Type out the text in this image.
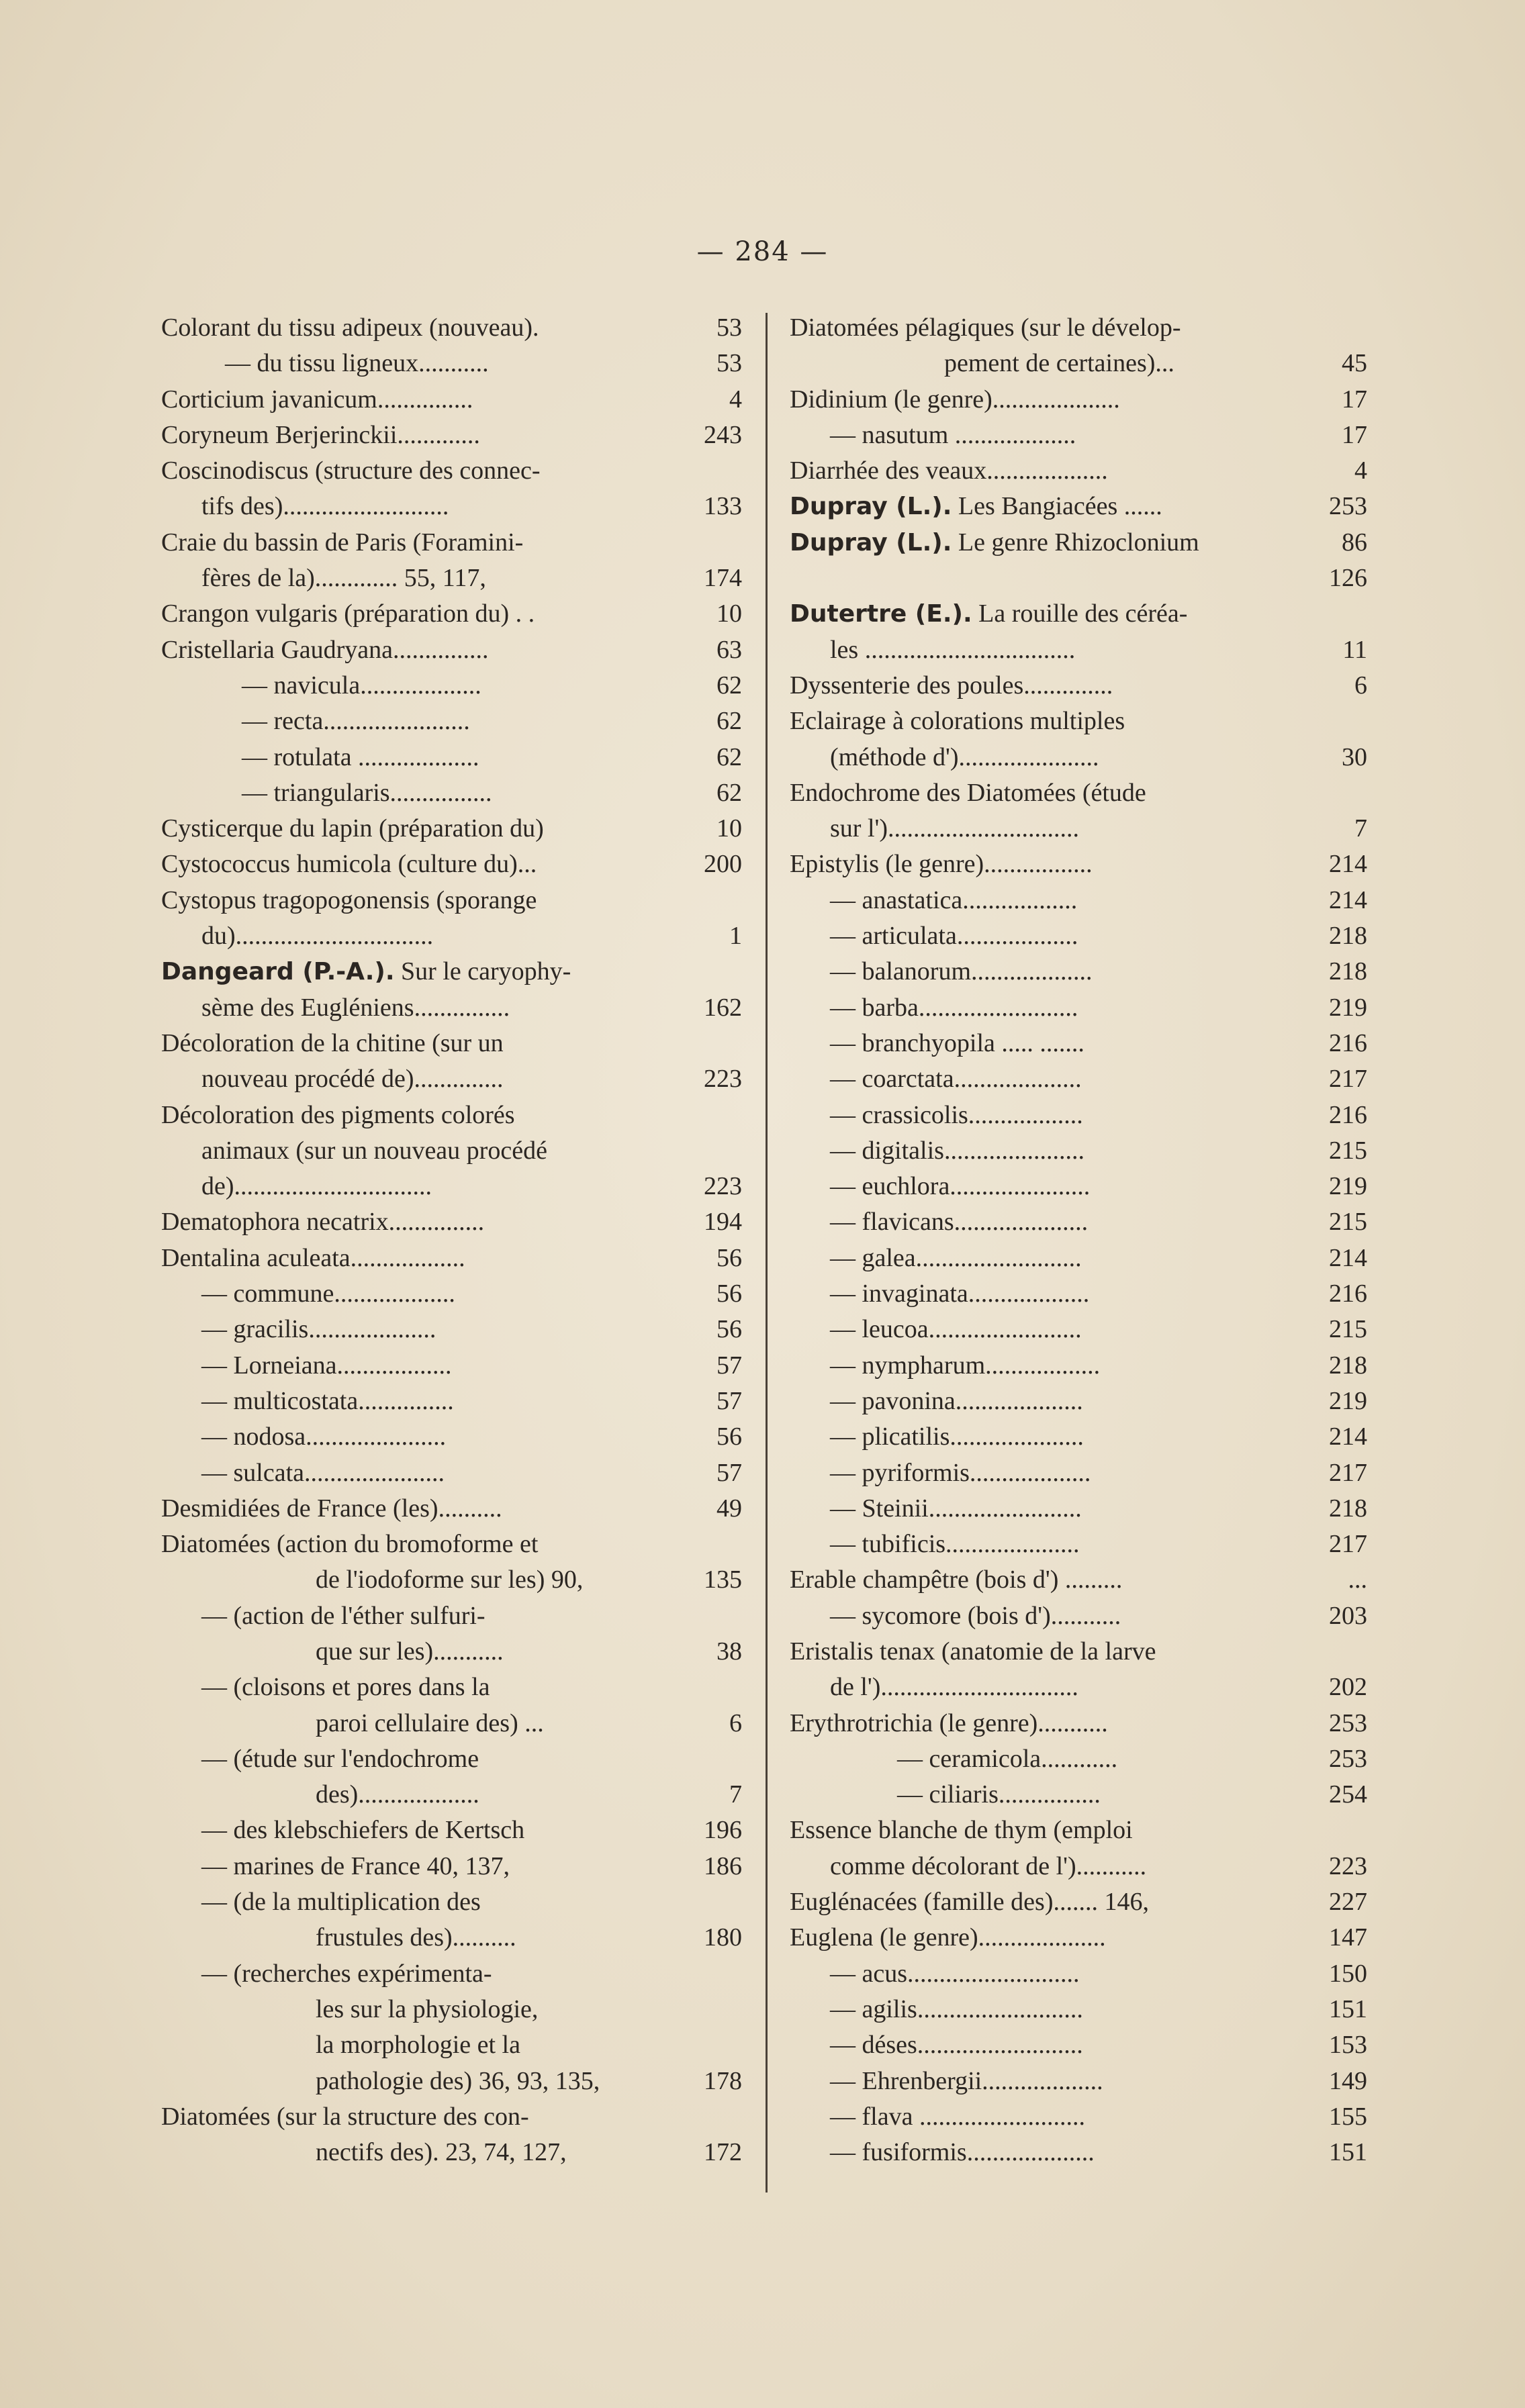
— 284 —
Colorant du tissu adipeux (nouveau).	53
— du tissu ligneux...........	53
Corticium javanicum...............	4
Coryneum Berjerinckii.............	243
Coscinodiscus (structure des connec-
tifs des)..........................	133
Craie du bassin de Paris (Foramini-
fères de la)............. 55, 117,	174
Crangon vulgaris (préparation du) . .	10
Cristellaria Gaudryana...............	63
— navicula...................	62
— recta.......................	62
— rotulata ...................	62
— triangularis................	62
Cysticerque du lapin (préparation du)	10
Cystococcus humicola (culture du)...	200
Cystopus tragopogonensis (sporange
du)...............................	1
Dangeard (P.-A.). Sur le caryophy-
sème des Eugléniens...............	162
Décoloration de la chitine (sur un
nouveau procédé de)..............	223
Décoloration des pigments colorés
animaux (sur un nouveau procédé
de)...............................	223
Dematophora necatrix...............	194
Dentalina aculeata..................	56
— commune...................	56
— gracilis....................	56
— Lorneiana..................	57
— multicostata...............	57
— nodosa......................	56
— sulcata......................	57
Desmidiées de France (les)..........	49
Diatomées (action du bromoforme et
de l'iodoforme sur les) 90,	135
— (action de l'éther sulfuri-
que sur les)...........	38
— (cloisons et pores dans la
paroi cellulaire des) ...	6
— (étude sur l'endochrome
des)...................	7
— des klebschiefers de Kertsch	196
— marines de France 40, 137,	186
— (de la multiplication des
frustules des)..........	180
— (recherches expérimenta-
les sur la physiologie,
la morphologie et la
pathologie des) 36, 93, 135,	178
Diatomées (sur la structure des con-
nectifs des). 23, 74, 127,	172
Diatomées pélagiques (sur le dévelop-
pement de certaines)...	45
Didinium (le genre)....................	17
— nasutum ...................	17
Diarrhée des veaux...................	4
Dupray (L.). Les Bangiacées ......	253
Dupray (L.). Le genre Rhizoclonium	86
126
Dutertre (E.). La rouille des céréa-
les .................................	11
Dyssenterie des poules..............	6
Eclairage à colorations multiples
(méthode d')......................	30
Endochrome des Diatomées (étude
sur l')..............................	7
Epistylis (le genre).................	214
— anastatica..................	214
— articulata...................	218
— balanorum...................	218
— barba.........................	219
— branchyopila ..... .......	216
— coarctata....................	217
— crassicolis..................	216
— digitalis......................	215
— euchlora......................	219
— flavicans.....................	215
— galea..........................	214
— invaginata...................	216
— leucoa........................	215
— nympharum..................	218
— pavonina....................	219
— plicatilis.....................	214
— pyriformis...................	217
— Steinii........................	218
— tubificis.....................	217
Erable champêtre (bois d') .........	...
— sycomore (bois d')...........	203
Eristalis tenax (anatomie de la larve
de l')...............................	202
Erythrotrichia (le genre)...........	253
— ceramicola............	253
— ciliaris................	254
Essence blanche de thym (emploi
comme décolorant de l')...........	223
Euglénacées (famille des)....... 146,	227
Euglena (le genre)....................	147
— acus...........................	150
— agilis..........................	151
— déses..........................	153
— Ehrenbergii...................	149
— flava ..........................	155
— fusiformis....................	151
